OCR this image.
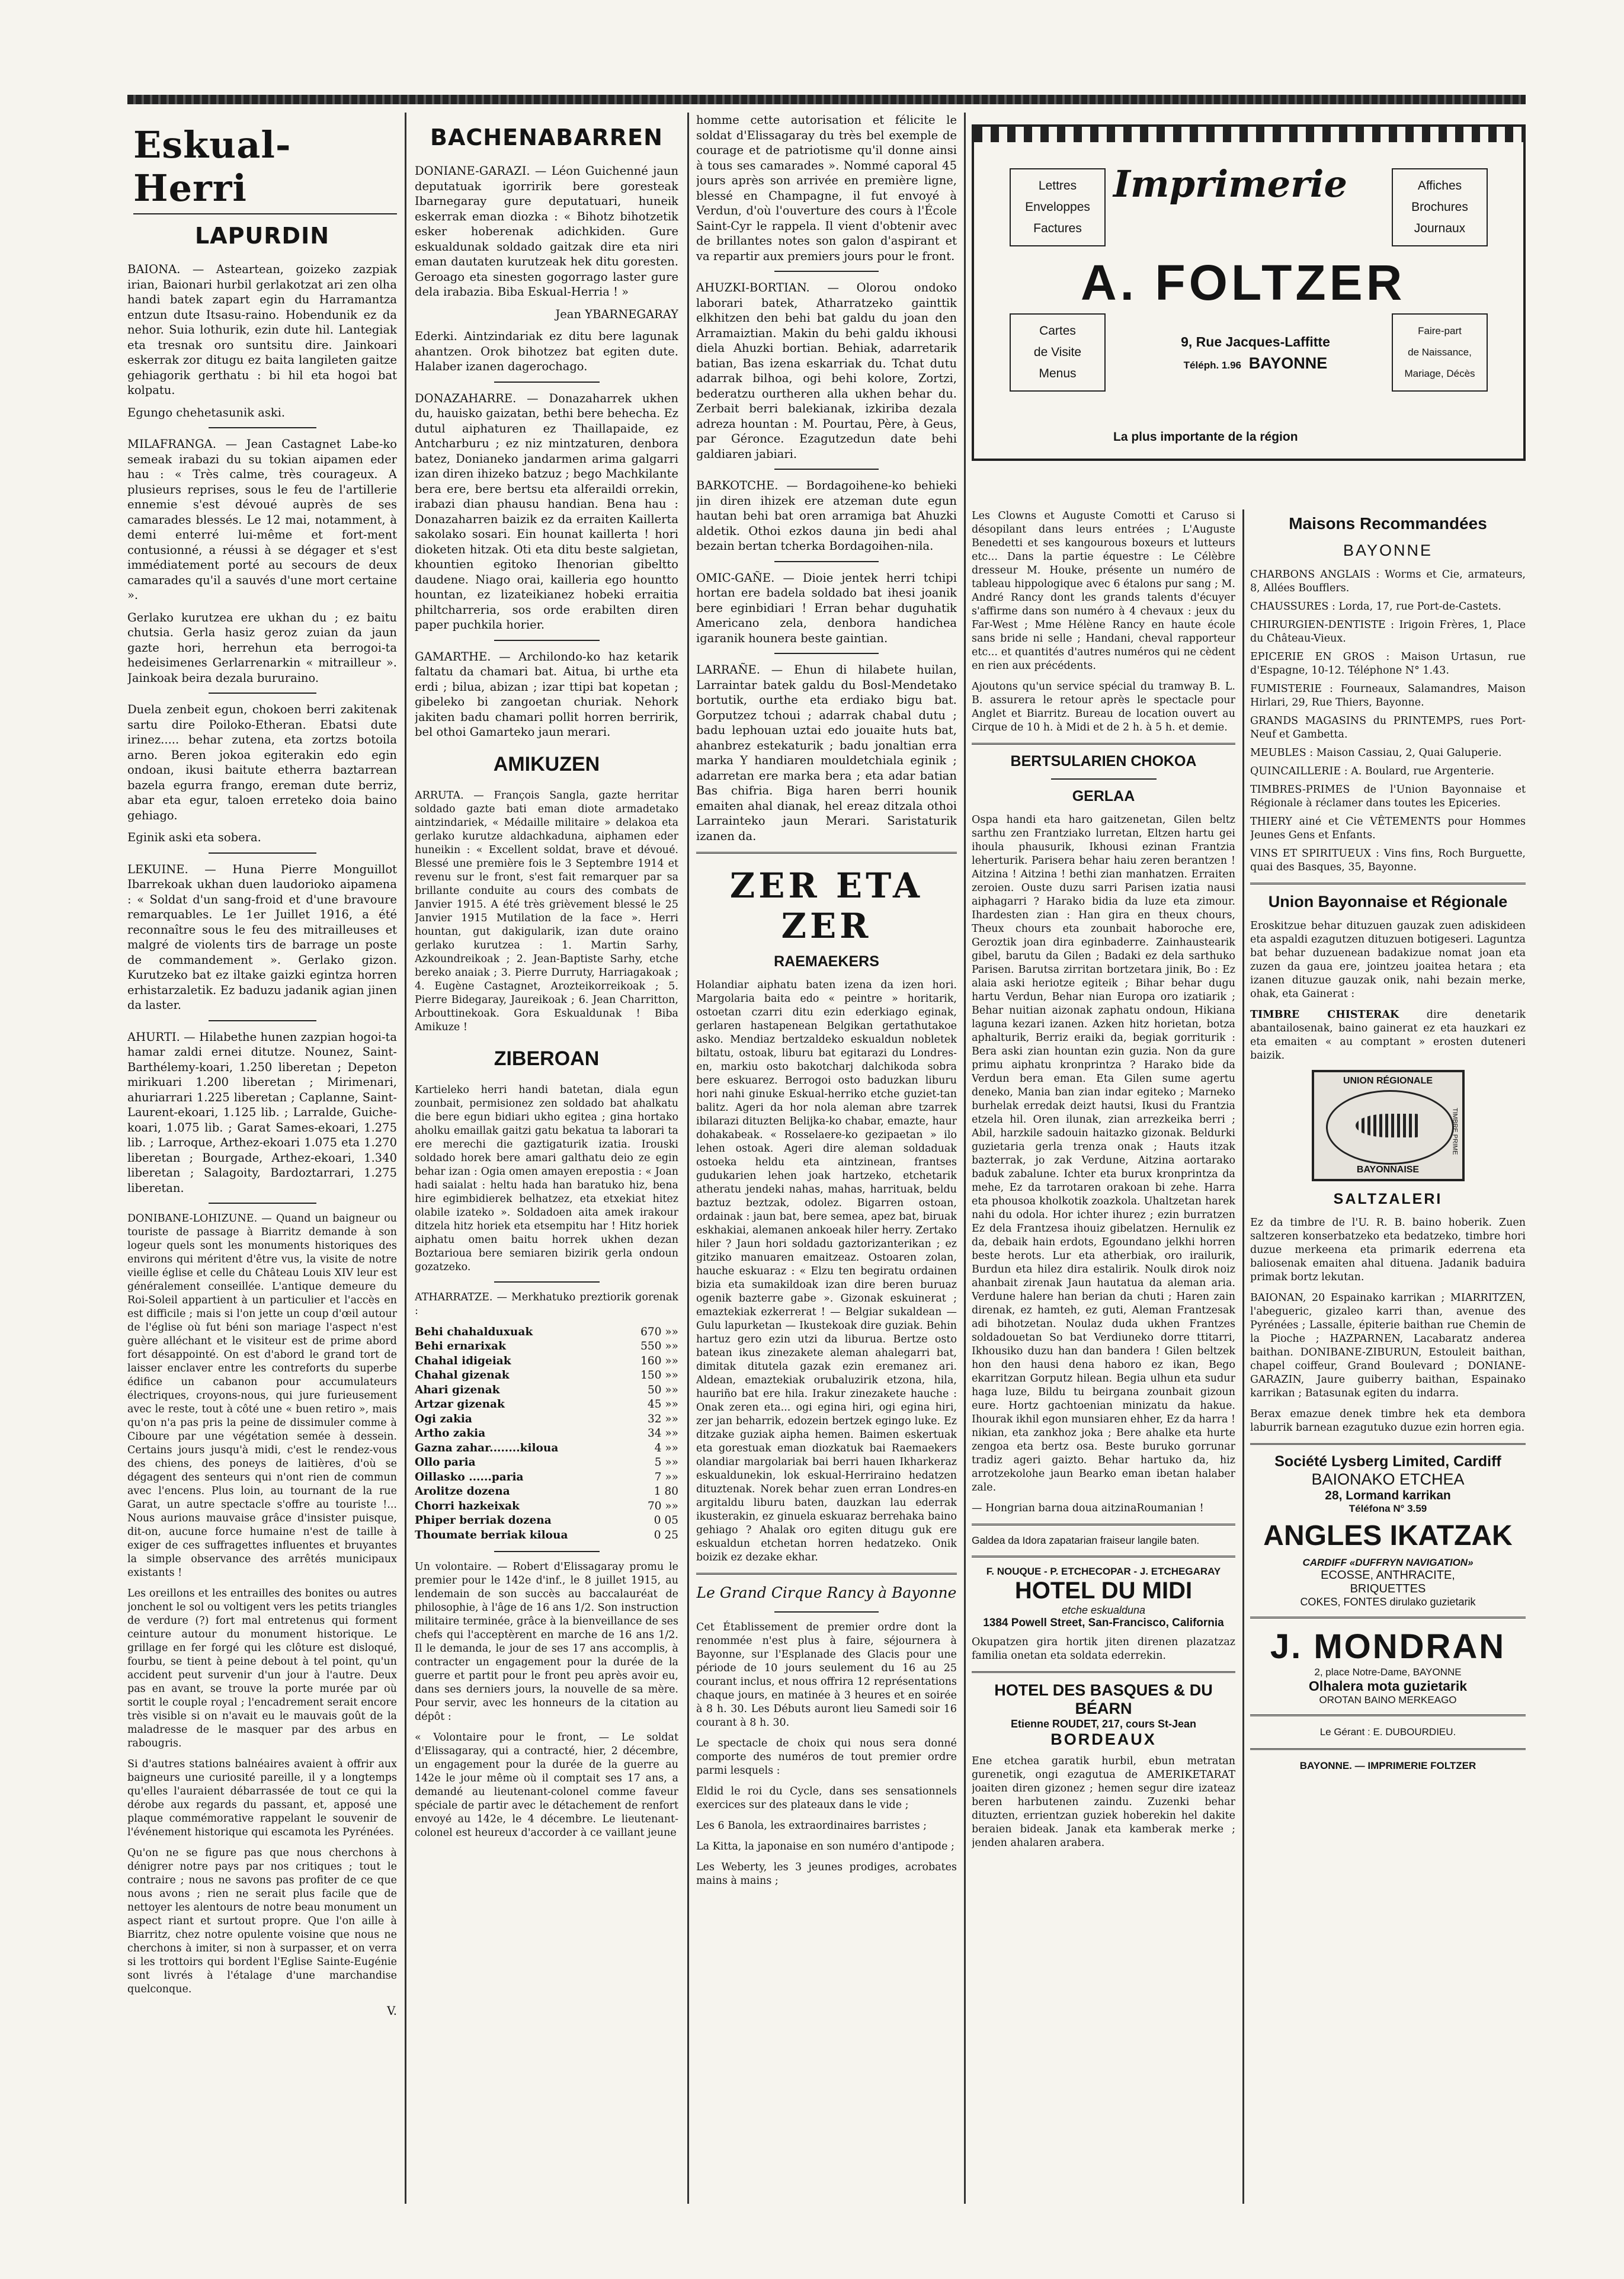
Eskual-Herri
LAPURDIN

BAIONA. — Asteartean, goizeko zazpiak irian, Baionari hurbil gerlakotzat ari zen olha handi batek zapart egin du Harramantza entzun dute Itsasu-raino. Hobendunik ez da nehor. Suia lothurik, ezin dute hil. Lantegiak eta tresnak oro suntsitu dire. Jainkoari eskerrak zor ditugu ez baita langileten gaitze gehiagorik gerthatu : bi hil eta hogoi bat kolpatu.

Egungo chehetasunik aski.

MILAFRANGA. — Jean Castagnet Labe-ko semeak irabazi du su tokian aipamen eder hau : « Très calme, très courageux. A plusieurs reprises, sous le feu de l'artillerie ennemie s'est dévoué auprès de ses camarades blessés. Le 12 mai, notamment, à demi enterré lui-même et fort-ment contusionné, a réussi à se dégager et s'est immédiatement porté au secours de deux camarades qu'il a sauvés d'une mort certaine ».

Gerlako kurutzea ere ukhan du ; ez baitu chutsia. Gerla hasiz geroz zuian da jaun gazte hori, herrehun eta berrogoi-ta hedeisimenes Gerlarrenarkin « mitrailleur ». Jainkoak beira dezala bururaino.

Duela zenbeit egun, chokoen berri zakitenak sartu dire Poiloko-Etheran. Ebatsi dute irinez..... behar zutena, eta zortzs botoila arno. Beren jokoa egiterakin edo egin ondoan, ikusi baitute etherra baztarrean bazela egurra frango, ereman dute berriz, abar eta egur, taloen erreteko doia baino gehiago.

Eginik aski eta sobera.

LEKUINE. — Huna Pierre Monguillot Ibarrekoak ukhan duen laudorioko aipamena : « Soldat d'un sang-froid et d'une bravoure remarquables. Le 1er Juillet 1916, a été reconnaître sous le feu des mitrailleuses et malgré de violents tirs de barrage un poste de commandement ». Gerlako gizon. Kurutzeko bat ez iltake gaizki egintza horren erhistarzaletik. Ez baduzu jadanik agian jinen da laster.

AHURTI. — Hilabethe hunen zazpian hogoi-ta hamar zaldi ernei ditutze. Nounez, Saint-Barthélemy-koari, 1.250 liberetan ; Depeton mirikuari 1.200 liberetan ; Mirimenari, ahuriarrari 1.225 liberetan ; Caplanne, Saint-Laurent-ekoari, 1.125 lib. ; Larralde, Guiche-koari, 1.075 lib. ; Garat Sames-ekoari, 1.275 lib. ; Larroque, Arthez-ekoari 1.075 eta 1.270 liberetan ; Bourgade, Arthez-ekoari, 1.340 liberetan ; Salagoity, Bardoztarrari, 1.275 liberetan.

DONIBANE-LOHIZUNE. — Quand un baigneur ou touriste de passage à Biarritz demande à son logeur quels sont les monuments historiques des environs qui méritent d'être vus, la visite de notre vieille église et celle du Château Louis XIV leur est généralement conseillée. L'antique demeure du Roi-Soleil appartient à un particulier et l'accès en est difficile ; mais si l'on jette un coup d'œil autour de l'église où fut béni son mariage l'aspect n'est guère alléchant et le visiteur est de prime abord fort désappointé. On est d'abord le grand tort de laisser enclaver entre les contreforts du superbe édifice un cabanon pour accumulateurs électriques, croyons-nous, qui jure furieusement avec le reste, tout à côté une « buen retiro », mais qu'on n'a pas pris la peine de dissimuler comme à Ciboure par une végétation semée à dessein. Certains jours jusqu'à midi, c'est le rendez-vous des chiens, des poneys de laitières, d'où se dégagent des senteurs qui n'ont rien de commun avec l'encens. Plus loin, au tournant de la rue Garat, un autre spectacle s'offre au touriste !... Nous aurions mauvaise grâce d'insister puisque, dit-on, aucune force humaine n'est de taille à exiger de ces suffragettes influentes et bruyantes la simple observance des arrêtés municipaux existants !

Les oreillons et les entrailles des bonites ou autres jonchent le sol ou voltigent vers les petits triangles de verdure (?) fort mal entretenus qui forment ceinture autour du monument historique. Le grillage en fer forgé qui les clôture est disloqué, fourbu, se tient à peine debout à tel point, qu'un accident peut survenir d'un jour à l'autre. Deux pas en avant, se trouve la porte murée par où sortit le couple royal ; l'encadrement serait encore très visible si on n'avait eu le mauvais goût de la maladresse de le masquer par des arbus en rabougris.

Si d'autres stations balnéaires avaient à offrir aux baigneurs une curiosité pareille, il y a longtemps qu'elles l'auraient débarrassée de tout ce qui la dérobe aux regards du passant, et, apposé une plaque commémorative rappelant le souvenir de l'événement historique qui escamota les Pyrénées.

Qu'on ne se figure pas que nous cherchons à dénigrer notre pays par nos critiques ; tout le contraire ; nous ne savons pas profiter de ce que nous avons ; rien ne serait plus facile que de nettoyer les alentours de notre beau monument un aspect riant et surtout propre. Que l'on aille à Biarritz, chez notre opulente voisine que nous ne cherchons à imiter, si non à surpasser, et on verra si les trottoirs qui bordent l'Eglise Sainte-Eugénie sont livrés à l'étalage d'une marchandise quelconque.

V.

BACHENABARREN

DONIANE-GARAZI. — Léon Guichenné jaun deputatuak igorririk bere goresteak Ibarnegaray gure deputatuari, huneik eskerrak eman diozka : « Bihotz bihotzetik esker hoberenak adichkiden. Gure eskualdunak soldado gaitzak dire eta niri eman dautaten kurutzeak hek ditu goresten. Geroago eta sinesten gogorrago laster gure dela irabazia. Biba Eskual-Herria ! »

Jean YBARNEGARAY

Ederki. Aintzindariak ez ditu bere lagunak ahantzen. Orok bihotzez bat egiten dute. Halaber izanen dagerochago.

DONAZAHARRE. — Donazaharrek ukhen du, hauisko gaizatan, bethi bere behecha. Ez dutul aiphaturen ez Thaillapaide, ez Antcharburu ; ez niz mintzaturen, denbora batez, Donianeko jandarmen arima galgarri izan diren ihizeko batzuz ; bego Machkilante bera ere, bere bertsu eta alferaildi orrekin, irabazi dian phausu handian. Bena hau : Donazaharren baizik ez da erraiten Kaillerta sakolako sosari. Ein hounat kaillerta ! hori dioketen hitzak. Oti eta ditu beste salgietan, khountien egitoko Ihenorian gibeltto daudene. Niago orai, kailleria ego hountto hountan, ez lizateikianez hobeki erraitia philtcharreria, sos orde erabilten diren paper puchkila horier.

GAMARTHE. — Archilondo-ko haz ketarik faltatu da chamari bat. Aitua, bi urthe eta erdi ; bilua, abizan ; izar ttipi bat kopetan ; gibeleko bi zangoetan churiak. Nehork jakiten badu chamari pollit horren berririk, bel othoi Gamarteko jaun merari.

AMIKUZEN

ARRUTA. — François Sangla, gazte herritar soldado gazte bati eman diote armadetako aintzindariek, « Médaille militaire » delakoa eta gerlako kurutze aldachkaduna, aiphamen eder huneikin : « Excellent soldat, brave et dévoué. Blessé une première fois le 3 Septembre 1914 et revenu sur le front, s'est fait remarquer par sa brillante conduite au cours des combats de Janvier 1915. A été très grièvement blessé le 25 Janvier 1915 Mutilation de la face ». Herri hountan, gut dakigularik, izan dute oraino gerlako kurutzea : 1. Martin Sarhy, Azkoundreikoak ; 2. Jean-Baptiste Sarhy, etche bereko anaiak ; 3. Pierre Durruty, Harriagakoak ; 4. Eugène Castagnet, Arozteikorreikoak ; 5. Pierre Bidegaray, Jaureikoak ; 6. Jean Charritton, Arbouttinekoak. Gora Eskualdunak ! Biba Amikuze !

ZIBEROAN

Kartieleko herri handi batetan, diala egun zounbait, permisionez zen soldado bat ahalkatu die bere egun bidiari ukho egitea ; gina hortako aholku emaillak gaitzi gatu bekatua ta laborari ta ere merechi die gaztigaturik izatia. Irouski soldado horek bere amari galthatu deio ze egin behar izan : Ogia omen amayen erepostia : « Joan hadi saialat : heltu hada han baratuko hiz, bena hire egimbidierek belhatzez, eta etxekiat hitez olabile izateko ». Soldadoen aita amek irakour ditzela hitz horiek eta etsempitu har ! Hitz horiek aiphatu omen baitu horrek ukhen dezan Boztarioua bere semiaren bizirik gerla ondoun gozatzeko.

ATHARRATZE. — Merkhatuko preztiorik gorenak :

Behi chahalduxuak	670 »»
Behi ernarixak	550 »»
Chahal idigeiak	160 »»
Chahal gizenak	150 »»
Ahari gizenak	50 »»
Artzar gizenak	45 »»
Ogi zakia	32 »»
Artho zakia	34 »»
Gazna zahar........kiloua	4 »»
Ollo paria	5 »»
Oillasko ......paria	7 »»
Arolitze dozena	1 80
Chorri hazkeixak	70 »»
Phiper berriak dozena	0 05
Thoumate berriak kiloua	0 25

Un volontaire. — Robert d'Elissagaray promu le premier pour le 142e d'inf., le 8 juillet 1915, au lendemain de son succès au baccalauréat de philosophie, à l'âge de 16 ans 1/2. Son instruction militaire terminée, grâce à la bienveillance de ses chefs qui l'acceptèrent en marche de 16 ans 1/2. Il le demanda, le jour de ses 17 ans accomplis, à contracter un engagement pour la durée de la guerre et partit pour le front peu après avoir eu, dans ses derniers jours, la nouvelle de sa mère. Pour servir, avec les honneurs de la citation au dépôt :

« Volontaire pour le front, — Le soldat d'Elissagaray, qui a contracté, hier, 2 décembre, un engagement pour la durée de la guerre au 142e le jour même où il comptait ses 17 ans, a demandé au lieutenant-colonel comme faveur spéciale de partir avec le détachement de renfort envoyé au 142e, le 4 décembre. Le lieutenant-colonel est heureux d'accorder à ce vaillant jeune

homme cette autorisation et félicite le soldat d'Elissagaray du très bel exemple de courage et de patriotisme qu'il donne ainsi à tous ses camarades ». Nommé caporal 45 jours après son arrivée en première ligne, blessé en Champagne, il fut envoyé à Verdun, d'où l'ouverture des cours à l'École Saint-Cyr le rappela. Il vient d'obtenir avec de brillantes notes son galon d'aspirant et va repartir aux premiers jours pour le front.

AHUZKI-BORTIAN. — Olorou ondoko laborari batek, Atharratzeko gainttik elkhitzen den behi bat galdu du joan den Arramaiztian. Makin du behi galdu ikhousi diela Ahuzki bortian. Behiak, adarretarik batian, Bas izena eskarriak du. Tchat dutu adarrak bilhoa, ogi behi kolore, Zortzi, bederatzu ourtheren alla ukhen behar du. Zerbait berri balekianak, izkiriba dezala adreza hountan : M. Pourtau, Père, à Geus, par Géronce. Ezagutzedun date behi galdiaren jabiari.

BARKOTCHE. — Bordagoihene-ko behieki jin diren ihizek ere atzeman dute egun hautan behi bat oren arramiga bat Ahuzki aldetik. Othoi ezkos dauna jin bedi ahal bezain bertan tcherka Bordagoihen-nila.

OMIC-GAÑE. — Dioie jentek herri tchipi hortan ere badela soldado bat ihesi joanik bere eginbidiari ! Erran behar duguhatik Americano zela, denbora handichea igaranik hounera beste gaintian.

LARRAÑE. — Ehun di hilabete huilan, Larraintar batek galdu du Bosl-Mendetako bortutik, ourthe eta erdiako bigu bat. Gorputzez tchoui ; adarrak chabal dutu ; badu lephouan uztai edo jouaite huts bat, ahanbrez estekaturik ; badu jonaltian erra marka Y handiaren mouldetchiala eginik ; adarretan ere marka bera ; eta adar batian Bas chifria. Biga haren berri hounik emaiten ahal dianak, hel ereaz ditzala othoi Larrainteko jaun Merari. Saristaturik izanen da.

ZER ETA ZER
RAEMAEKERS

Holandiar aiphatu baten izena da izen hori. Margolaria baita edo « peintre » horitarik, ostoetan czarri ditu ezin ederkiago eginak, gerlaren hastapenean Belgikan gertathutakoe asko. Mendiaz bertzaldeko eskualdun nobletek biltatu, ostoak, liburu bat egitarazi du Londres-en, markiu osto bakotcharj dalchikoda sobra bere eskuarez. Berrogoi osto baduzkan liburu hori nahi ginuke Eskual-herriko etche guziet-tan balitz. Ageri da hor nola aleman abre tzarrek ibilarazi dituzten Belijka-ko chabar, emazte, haur dohakabeak. « Rosselaere-ko gezipaetan » ilo lehen ostoak. Ageri dire aleman soldaduak ostoeka heldu eta aintzinean, frantses gudukarien lehen joak hartzeko, etchetarik atheratu jendeki nahas, mahas, harrituak, beldu baztuz beztzak, odolez. Bigarren ostoan, ordainak : jaun bat, bere semea, apez bat, biruak eskhakiai, alemanen ankoeak hiler herry. Zertako hiler ? Jaun hori soldadu gaztorizanterikan ; ez gitziko manuaren emaitzeaz. Ostoaren zolan, hauche eskuaraz : « Elzu ten begiratu ordainen bizia eta sumakildoak izan dire beren buruaz ogenik bazterre gabe ». Gizonak eskuinerat ; emaztekiak ezkerrerat ! — Belgiar sukaldean — Gulu lapurketan — Ikustekoak dire guziak. Behin hartuz gero ezin utzi da liburua. Bertze osto batean ikus zinezakete aleman ahalegarri bat, dimitak ditutela gazak ezin eremanez ari. Aldean, emaztekiak orubaluzirik etzona, hila, hauriño bat ere hila. Irakur zinezakete hauche : Onak zeren eta... ogi egina hiri, ogi egina hiri, zer jan beharrik, edozein bertzek egingo luke. Ez ditzake guziak aipha hemen. Baimen eskertuak eta gorestuak eman diozkatuk bai Raemaekers olandiar margolariak bai berri hauen Ikharkeraz eskualdunekin, lok eskual-Herriraino hedatzen dituztenak. Norek behar zuen erran Londres-en argitaldu liburu baten, dauzkan lau ederrak ikusterakin, ez ginuela eskuaraz berrehaka baino gehiago ? Ahalak oro egiten ditugu guk ere eskualdun etchetan horren hedatzeko. Onik boizik ez dezake ekhar.

Le Grand Cirque Rancy à Bayonne

Cet Établissement de premier ordre dont la renommée n'est plus à faire, séjournera à Bayonne, sur l'Esplanade des Glacis pour une période de 10 jours seulement du 16 au 25 courant inclus, et nous offrira 12 représentations chaque jours, en matinée à 3 heures et en soirée à 8 h. 30. Les Débuts auront lieu Samedi soir 16 courant à 8 h. 30.

Le spectacle de choix qui nous sera donné comporte des numéros de tout premier ordre parmi lesquels :

Eldid le roi du Cycle, dans ses sensationnels exercices sur des plateaux dans le vide ;

Les 6 Banola, les extraordinaires barristes ;

La Kitta, la japonaise en son numéro d'antipode ;

Les Weberty, les 3 jeunes prodiges, acrobates mains à mains ;

Lettres
Enveloppes
Factures
Cartes
de Visite
Menus
Affiches
Brochures
Journaux
Faire-part
de Naissance,
Mariage, Décès
Imprimerie
A. FOLTZER
9, Rue Jacques-Laffitte
Téléph. 1.96 BAYONNE
La plus importante de la région

Les Clowns et Auguste Comotti et Caruso si désopilant dans leurs entrées ; L'Auguste Benedetti et ses kangourous boxeurs et lutteurs etc... Dans la partie équestre : Le Célèbre dresseur M. Houke, présente un numéro de tableau hippologique avec 6 étalons pur sang ; M. André Rancy dont les grands talents d'écuyer s'affirme dans son numéro à 4 chevaux : jeux du Far-West ; Mme Hélène Rancy en haute école sans bride ni selle ; Handani, cheval rapporteur etc... et quantités d'autres numéros qui ne cèdent en rien aux précédents.

Ajoutons qu'un service spécial du tramway B. L. B. assurera le retour après le spectacle pour Anglet et Biarritz. Bureau de location ouvert au Cirque de 10 h. à Midi et de 2 h. à 5 h. et demie.

BERTSULARIEN CHOKOA
GERLAA

Ospa handi eta haro gaitzenetan, Gilen beltz sarthu zen Frantziako lurretan, Eltzen hartu gei ihoula phausurik, Ikhousi ezinan Frantzia leherturik. Parisera behar haiu zeren berantzen ! Aitzina ! Aitzina ! bethi zian manhatzen. Erraiten zeroien. Ouste duzu sarri Parisen izatia nausi aiphagarri ? Harako bidia da luze eta zimour. Ihardesten zian : Han gira en theux chours, Theux chours eta zounbait haboroche ere, Geroztik joan dira eginbaderre. Zainhaustearik gibel, barutu da Gilen ; Badaki ez dela sarthuko Parisen. Barutsa zirritan bortzetara jinik, Bo : Ez alaia aski heriotze egiteik ; Bihar behar dugu hartu Verdun, Behar nian Europa oro izatiarik ; Behar nuitian aizonak zaphatu ondoun, Hikiana laguna kezari izanen. Azken hitz horietan, botza aphalturik, Berriz eraiki da, begiak gorriturik : Bera aski zian hountan ezin guzia. Non da gure primu aiphatu kronprintza ? Harako bide da Verdun bera eman. Eta Gilen sume agertu deneko, Mania ban zian indar egiteko ; Marneko burhelak erredak deizt hautsi, Ikusi du Frantzia etzela hil. Oren ilunak, zian arrezkeika berri ; Abil, harzkile sadouin haitazko gizonak. Beldurki guzietaria gerla trenza onak ; Hauts itzak bazterrak, jo zak Verdune, Aitzina aortarako baduk zabalune. Ichter eta burux kronprintza da mehe, Ez da tarrotaren orakoan bi zehe. Harra eta phousoa kholkotik zoazkola. Uhaltzetan harek nahi du odola. Hor ichter ihurez ; ezin burratzen Ez dela Frantzesa ihouiz gibelatzen. Hernulik ez da, debaik hain erdots, Egoundano jelkhi horren beste herots. Lur eta atherbiak, oro irailurik, Burdun eta hilez dira estalirik. Noulk dirok noiz ahanbait zirenak Jaun hautatua da aleman aria. Verdune halere han berian da chuti ; Haren zain direnak, ez hamteh, ez guti, Aleman Frantzesak adi bihotzetan. Noulaz duda ukhen Frantzes soldadouetan So bat Verdiuneko dorre ttitarri, Ikhousiko duzu han dan bandera ! Gilen beltzek hon den hausi dena haboro ez ikan, Bego ekarritzan Gorputz hilean. Begia ulhun eta sudur haga luze, Bildu tu beirgana zounbait gizoun eure. Hortz gachtoenian minizatu da hakue. Ihourak ikhil egon munsiaren ehher, Ez da harra ! nikian, eta zankhoz joka ; Bere ahalke eta hurte zengoa eta bertz osa. Beste buruko gorrunar tradiz ageri gaizto. Behar hartuko da, hiz arrotzekolohe jaun Bearko eman ibetan halaber zale.

— Hongrian barna doua aitzinaRoumanian !

Galdea da Idora zapatarian fraiseur langile baten.

F. NOUQUE - P. ETCHECOPAR - J. ETCHEGARAY
HOTEL DU MIDI
etche eskualduna
1384 Powell Street, San-Francisco, California

Okupatzen gira hortik jiten direnen plazatzaz familia onetan eta soldata ederrekin.

HOTEL DES BASQUES & DU BÉARN
Etienne ROUDET, 217, cours St-Jean
BORDEAUX

Ene etchea garatik hurbil, ebun metratan gurenetik, ongi ezagutua de AMERIKETARAT joaiten diren gizonez ; hemen segur dire izateaz beren harbutenen zaindu. Zuzenki behar dituzten, errientzan guziek hoberekin hel dakite beraien bideak. Janak eta kamberak merke ; jenden ahalaren arabera.

Maisons Recommandées
BAYONNE

CHARBONS ANGLAIS : Worms et Cie, armateurs, 8, Allées Boufflers.

CHAUSSURES : Lorda, 17, rue Port-de-Castets.

CHIRURGIEN-DENTISTE : Irigoin Frères, 1, Place du Château-Vieux.

EPICERIE EN GROS : Maison Urtasun, rue d'Espagne, 10-12. Téléphone N° 1.43.

FUMISTERIE : Fourneaux, Salamandres, Maison Hirlari, 29, Rue Thiers, Bayonne.

GRANDS MAGASINS du PRINTEMPS, rues Port-Neuf et Gambetta.

MEUBLES : Maison Cassiau, 2, Quai Galuperie.

QUINCAILLERIE : A. Boulard, rue Argenterie.

TIMBRES-PRIMES de l'Union Bayonnaise et Régionale à réclamer dans toutes les Epiceries.

THIERY ainé et Cie VÊTEMENTS pour Hommes Jeunes Gens et Enfants.

VINS ET SPIRITUEUX : Vins fins, Roch Burguette, quai des Basques, 35, Bayonne.

Union Bayonnaise et Régionale

Eroskitzue behar dituzuen gauzak zuen adiskideen eta aspaldi ezagutzen dituzuen botigeseri. Laguntza bat behar duzuenean badakizue nomat joan eta zuzen da gaua ere, jointzeu joaitea hetara ; eta izanen dituzue gauzak onik, nahi bezain merke, ohak, eta Gainerat :

TIMBRE CHISTERAK	dire denetarik abantailosenak, baino gainerat ez eta hauzkari ez eta emaiten « au comptant » erosten duteneri baizik.

UNION RÉGIONALE
BAYONNAISE
TIMBRE PRIME
SALTZALERI

Ez da timbre de l'U. R. B. baino hoberik. Zuen saltzeren konserbatzeko eta bedatzeko, timbre hori duzue merkeena eta primarik ederrena eta baliosenak emaiten ahal dituena. Jadanik baduira primak bortz lekutan.

BAIONAN, 20 Espainako karrikan ; MIARRITZEN, l'abegueric, gizaleo karri than, avenue des Pyrénées ; Lassalle, épiterie baithan rue Chemin de la Pioche ; HAZPARNEN, Lacabaratz anderea baithan. DONIBANE-ZIBURUN, Estouleit baithan, chapel coiffeur, Grand Boulevard ; DONIANE-GARAZIN, Jaure guiberry baithan, Espainako karrikan ; Batasunak egiten du indarra.

Berax emazue denek timbre hek eta dembora laburrik barnean ezagutuko duzue ezin horren egia.

Société Lysberg Limited, Cardiff
BAIONAKO ETCHEA
28, Lormand karrikan
Téléfona N° 3.59
ANGLES IKATZAK
CARDIFF «DUFFRYN NAVIGATION»
ECOSSE, ANTHRACITE,
BRIQUETTES
COKES, FONTES dirulako guzietarik
J. MONDRAN
2, place Notre-Dame, BAYONNE
Olhalera mota guzietarik
OROTAN BAINO MERKEAGO

Le Gérant : E. DUBOURDIEU.

BAYONNE. — IMPRIMERIE FOLTZER
